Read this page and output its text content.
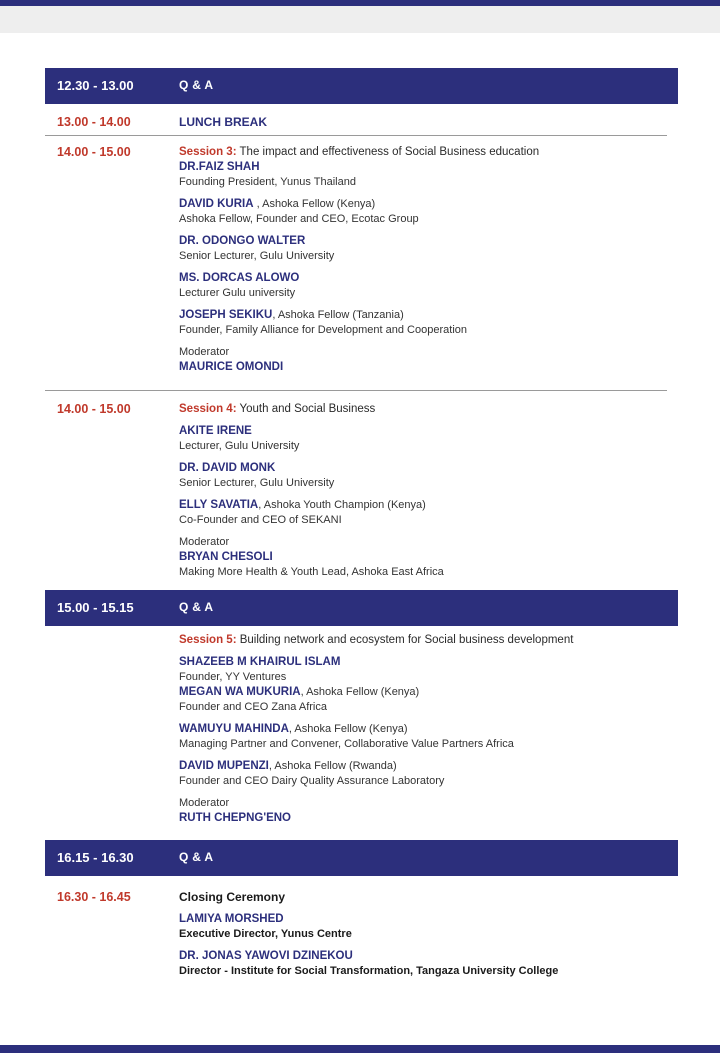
12.30 - 13.00	Q & A
13.00 - 14.00	LUNCH BREAK
14.00 - 15.00	Session 3: The impact and effectiveness of Social Business education
DR.FAIZ SHAH
Founding President, Yunus Thailand
DAVID KURIA , Ashoka Fellow (Kenya)
Ashoka Fellow, Founder and CEO, Ecotac Group
DR. ODONGO WALTER
Senior Lecturer, Gulu University
MS. DORCAS ALOWO
Lecturer Gulu university
JOSEPH SEKIKU, Ashoka Fellow (Tanzania)
Founder, Family Alliance for Development and Cooperation
Moderator
MAURICE OMONDI
14.00 - 15.00	Session 4: Youth and Social Business
AKITE IRENE
Lecturer, Gulu University
DR. DAVID MONK
Senior Lecturer, Gulu University
ELLY SAVATIA, Ashoka Youth Champion (Kenya)
Co-Founder and CEO of SEKANI
Moderator
BRYAN CHESOLI
Making More Health & Youth Lead, Ashoka East Africa
15.00 - 15.15	Q & A
Session 5: Building network and ecosystem for Social business development
SHAZEEB M KHAIRUL ISLAM
Founder, YY Ventures
MEGAN WA MUKURIA, Ashoka Fellow (Kenya)
Founder and CEO Zana Africa
WAMUYU MAHINDA, Ashoka Fellow (Kenya)
Managing Partner and Convener, Collaborative Value Partners Africa
DAVID MUPENZI, Ashoka Fellow (Rwanda)
Founder and CEO Dairy Quality Assurance Laboratory
Moderator
RUTH CHEPNG'ENO
16.15 - 16.30	Q & A
16.30 - 16.45	Closing Ceremony
LAMIYA MORSHED
Executive Director, Yunus Centre
DR. JONAS YAWOVI DZINEKOU
Director - Institute for Social Transformation, Tangaza University College
